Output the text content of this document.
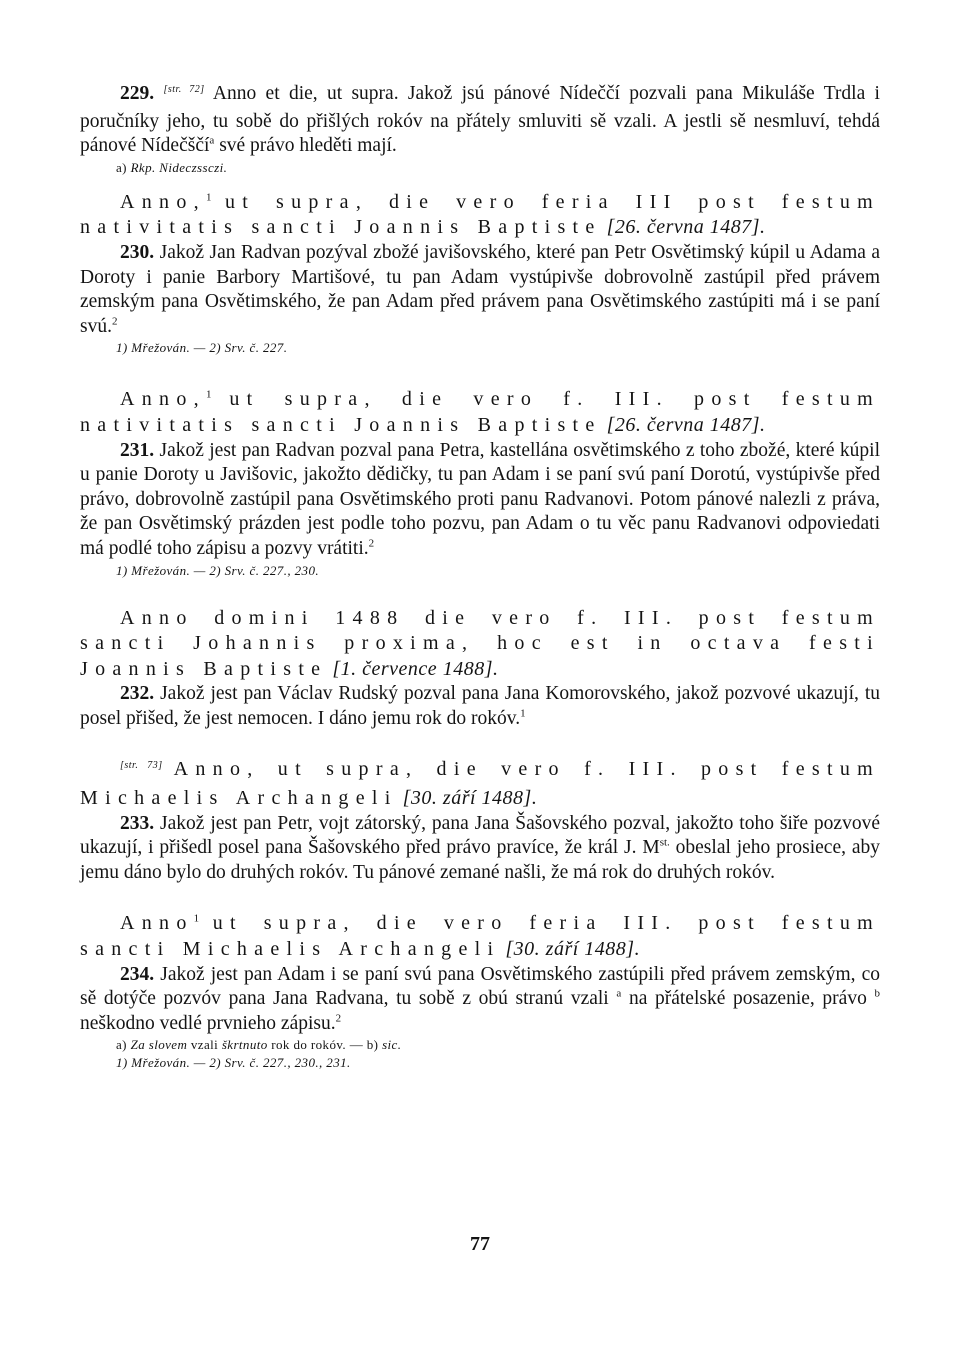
229. [str. 72] Anno et die, ut supra. Jakož jsú pánové Nídeččí pozvali pana Mikuláše Trdla i poručníky jeho, tu sobě do přišlých rokóv na přátely smluviti sě vzali. A jestli sě nesmluví, tehdá pánové Nídečščí$^a$ své právo hleděti mají.

a) Rkp. Nideczssczi.

Anno,$^1$ ut supra, die vero feria III post festum nativitatis sancti Joannis Baptiste [26. června 1487].

230. Jakož Jan Radvan pozýval zbožé javišovského, které pan Petr Osvětimský kúpil u Adama a Doroty i panie Barbory Martišové, tu pan Adam vystúpivše dobrovolně zastúpil před právem zemským pana Osvětimského, že pan Adam před právem pana Osvětimského zastúpiti má i se paní svú.$^2$

1) Mřežován. — 2) Srv. č. 227.

Anno,$^1$ ut supra, die vero f. III. post festum nativitatis sancti Joannis Baptiste [26. června 1487].

231. Jakož jest pan Radvan pozval pana Petra, kastellána osvětimského z toho zbožé, které kúpil u panie Doroty u Javišovic, jakožto dědičky, tu pan Adam i se paní svú paní Dorotú, vystúpivše před právo, dobrovolně zastúpil pana Osvětimského proti panu Radvanovi. Potom pánové nalezli z práva, že pan Osvětimský prázden jest podle toho pozvu, pan Adam o tu věc panu Radvanovi odpoviedati má podlé toho zápisu a pozvy vrátiti.$^2$

1) Mřežován. — 2) Srv. č. 227., 230.

Anno domini 1488 die vero f. III. post festum sancti Johannis proxima, hoc est in octava festi Joannis Baptiste [1. července 1488].

232. Jakož jest pan Václav Rudský pozval pana Jana Komorovského, jakož pozvové ukazují, tu posel přišed, že jest nemocen. I dáno jemu rok do rokóv.$^1$

[str. 73] Anno, ut supra, die vero f. III. post festum Michaelis Archangeli [30. září 1488].

233. Jakož jest pan Petr, vojt zátorský, pana Jana Šašovského pozval, jakožto toho šiře pozvové ukazují, i přišedl posel pana Šašovského před právo pravíce, že král J. $M^{st.}$ obeslal jeho prosiece, aby jemu dáno bylo do druhých rokóv. Tu pánové zemané našli, že má rok do druhých rokóv.

Anno$^1$ ut supra, die vero feria III. post festum sancti Michaelis Archangeli [30. září 1488].

234. Jakož jest pan Adam i se paní svú pana Osvětimského zastúpili před právem zemským, co sě dotýče pozvóv pana Jana Radvana, tu sobě z obú stranú vzali $^a$ na přátelské posazenie, právo $^b$ neškodno vedlé prvnieho zápisu.$^2$

a) Za slovem vzali škrtnuto rok do rokóv. — b) sic.

1) Mřežován. — 2) Srv. č. 227., 230., 231.

77
